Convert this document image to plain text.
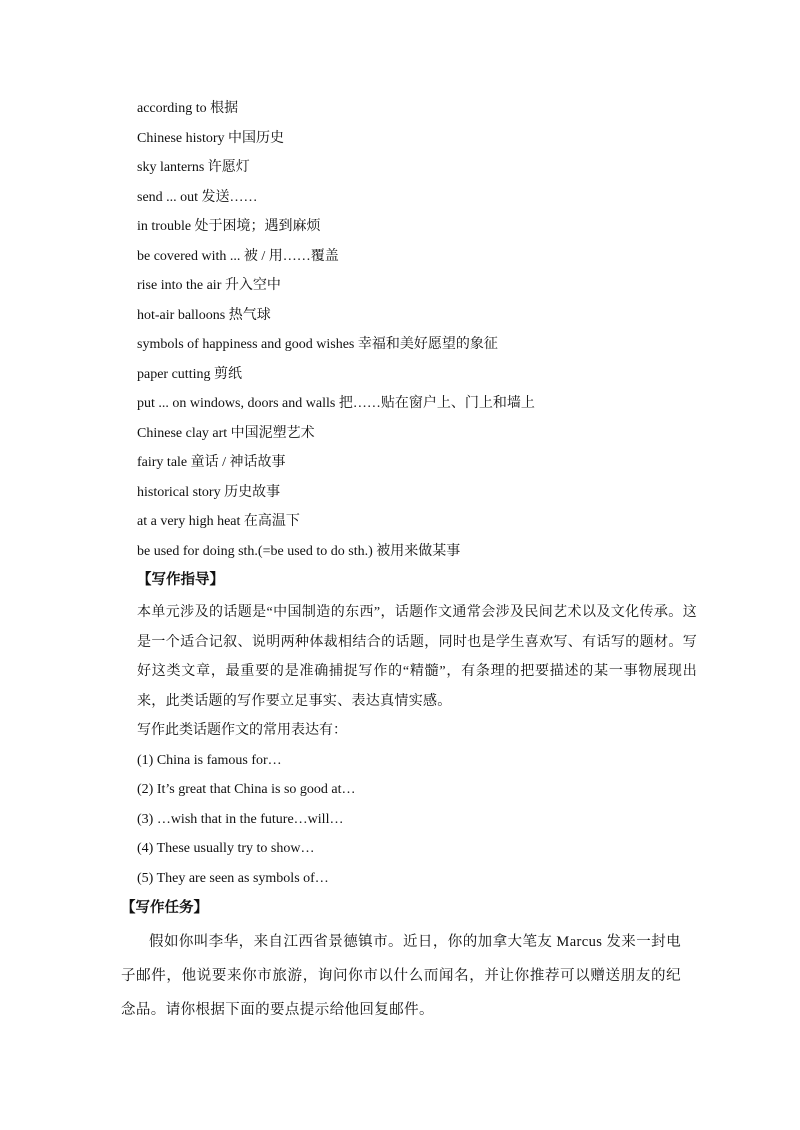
according to 根据
Chinese history 中国历史
sky lanterns 许愿灯
send ... out 发送……
in trouble 处于困境；遇到麻烦
be covered with ... 被 / 用……覆盖
rise into the air 升入空中
hot-air balloons 热气球
symbols of happiness and good wishes 幸福和美好愿望的象征
paper cutting 剪纸
put ... on windows, doors and walls 把……贴在窗户上、门上和墙上
Chinese clay art 中国泥塑艺术
fairy tale 童话 / 神话故事
historical story 历史故事
at a very high heat 在高温下
be used for doing sth.(=be used to do sth.) 被用来做某事
【写作指导】

本单元涉及的话题是“中国制造的东西”，话题作文通常会涉及民间艺术以及文化传承。这是一个适合记叙、说明两种体裁相结合的话题，同时也是学生喜欢写、有话写的题材。写好这类文章，最重要的是准确捕捉写作的“精髓”，有条理的把要描述的某一事物展现出来，此类话题的写作要立足事实、表达真情实感。

写作此类话题作文的常用表达有：
(1) China is famous for…
(2) It’s great that China is so good at…
(3) …wish that in the future…will…
(4) These usually try to show…
(5) They are seen as symbols of…
【写作任务】

假如你叫李华，来自江西省景德镇市。近日，你的加拿大笔友 Marcus 发来一封电子邮件，他说要来你市旅游，询问你市以什么而闻名，并让你推荐可以赠送朋友的纪念品。请你根据下面的要点提示给他回复邮件。
